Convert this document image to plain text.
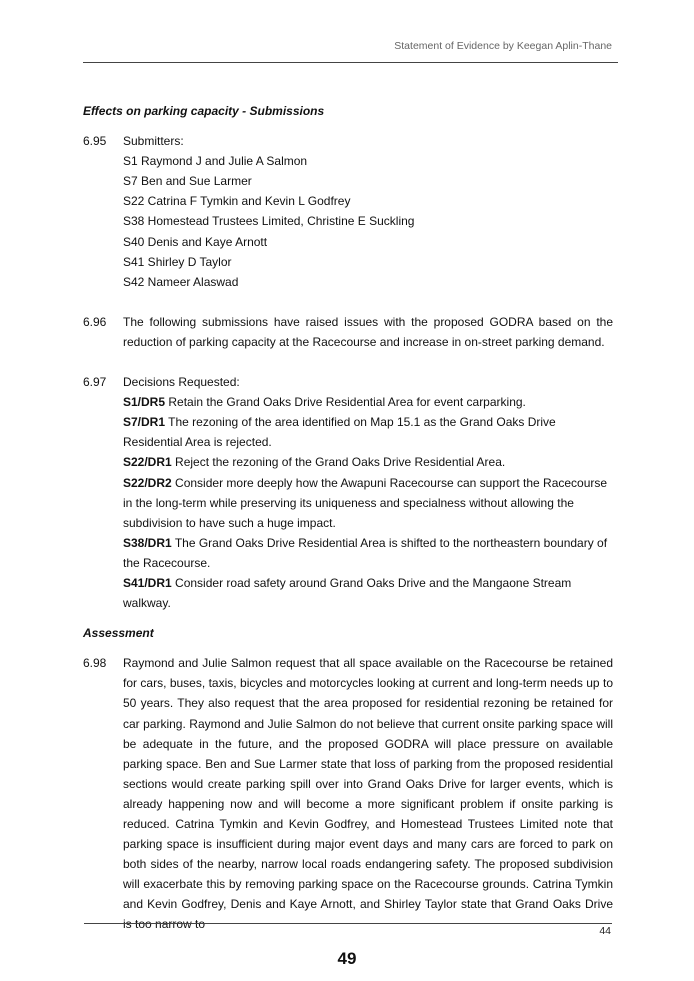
Statement of Evidence by Keegan Aplin-Thane

Effects on parking capacity - Submissions

6.95	Submitters:
S1 Raymond J and Julie A Salmon
S7 Ben and Sue Larmer
S22 Catrina F Tymkin and Kevin L Godfrey
S38 Homestead Trustees Limited, Christine E Suckling
S40 Denis and Kaye Arnott
S41 Shirley D Taylor
S42 Nameer Alaswad
6.96	The following submissions have raised issues with the proposed GODRA based on the reduction of parking capacity at the Racecourse and increase in on-street parking demand.
6.97	Decisions Requested:
S1/DR5 Retain the Grand Oaks Drive Residential Area for event carparking.
S7/DR1 The rezoning of the area identified on Map 15.1 as the Grand Oaks Drive Residential Area is rejected.
S22/DR1 Reject the rezoning of the Grand Oaks Drive Residential Area.
S22/DR2 Consider more deeply how the Awapuni Racecourse can support the Racecourse in the long-term while preserving its uniqueness and specialness without allowing the subdivision to have such a huge impact.
S38/DR1 The Grand Oaks Drive Residential Area is shifted to the northeastern boundary of the Racecourse.
S41/DR1 Consider road safety around Grand Oaks Drive and the Mangaone Stream walkway.

Assessment

6.98	Raymond and Julie Salmon request that all space available on the Racecourse be retained for cars, buses, taxis, bicycles and motorcycles looking at current and long-term needs up to 50 years. They also request that the area proposed for residential rezoning be retained for car parking. Raymond and Julie Salmon do not believe that current onsite parking space will be adequate in the future, and the proposed GODRA will place pressure on available parking space. Ben and Sue Larmer state that loss of parking from the proposed residential sections would create parking spill over into Grand Oaks Drive for larger events, which is already happening now and will become a more significant problem if onsite parking is reduced. Catrina Tymkin and Kevin Godfrey, and Homestead Trustees Limited note that parking space is insufficient during major event days and many cars are forced to park on both sides of the nearby, narrow local roads endangering safety. The proposed subdivision will exacerbate this by removing parking space on the Racecourse grounds. Catrina Tymkin and Kevin Godfrey, Denis and Kaye Arnott, and Shirley Taylor state that Grand Oaks Drive is too narrow to	44
49
